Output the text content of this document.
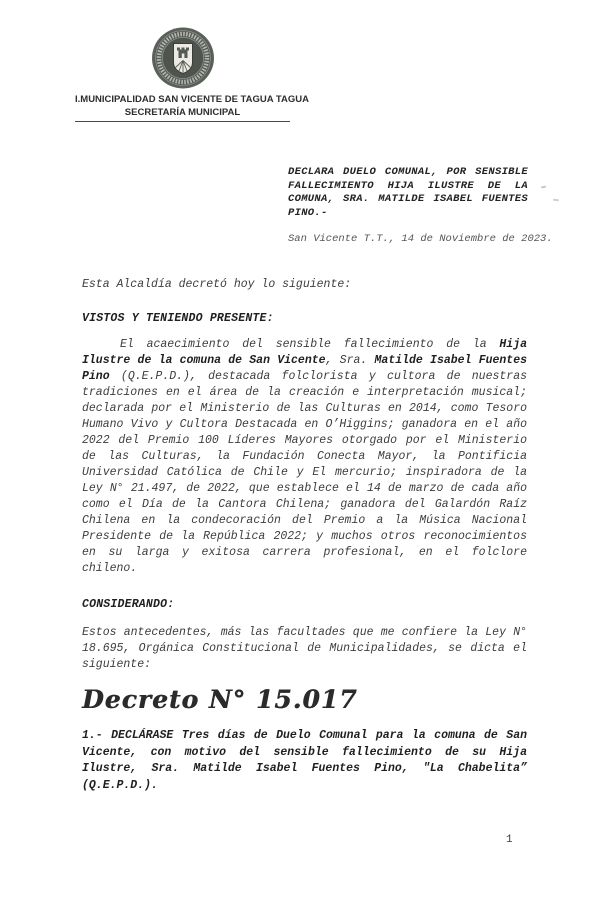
I.MUNICIPALIDAD SAN VICENTE DE TAGUA TAGUA
SECRETARÍA MUNICIPAL

DECLARA DUELO COMUNAL, POR SENSIBLE FALLECIMIENTO HIJA ILUSTRE DE LA COMUNA, SRA. MATILDE ISABEL FUENTES PINO.-

San Vicente T.T., 14 de Noviembre de 2023.

Esta Alcaldía decretó hoy lo siguiente:

VISTOS Y TENIENDO PRESENTE:

El acaecimiento del sensible fallecimiento de la Hija Ilustre de la comuna de San Vicente, Sra. Matilde Isabel Fuentes Pino (Q.E.P.D.), destacada folclorista y cultora de nuestras tradiciones en el área de la creación e interpretación musical; declarada por el Ministerio de las Culturas en 2014, como Tesoro Humano Vivo y Cultora Destacada en O’Higgins; ganadora en el año 2022 del Premio 100 Líderes Mayores otorgado por el Ministerio de las Culturas, la Fundación Conecta Mayor, la Pontificia Universidad Católica de Chile y El mercurio; inspiradora de la Ley N° 21.497, de 2022, que establece el 14 de marzo de cada año como el Día de la Cantora Chilena; ganadora del Galardón Raíz Chilena en la condecoración del Premio a la Música Nacional Presidente de la República 2022; y muchos otros reconocimientos en su larga y exitosa carrera profesional, en el folclore chileno.

CONSIDERANDO:

Estos antecedentes, más las facultades que me confiere la Ley N° 18.695, Orgánica Constitucional de Municipalidades, se dicta el siguiente:

Decreto N° 15.017

1.- DECLÁRASE Tres días de Duelo Comunal para la comuna de San Vicente, con motivo del sensible fallecimiento de su Hija Ilustre, Sra. Matilde Isabel Fuentes Pino, "La Chabelita” (Q.E.P.D.).

1
